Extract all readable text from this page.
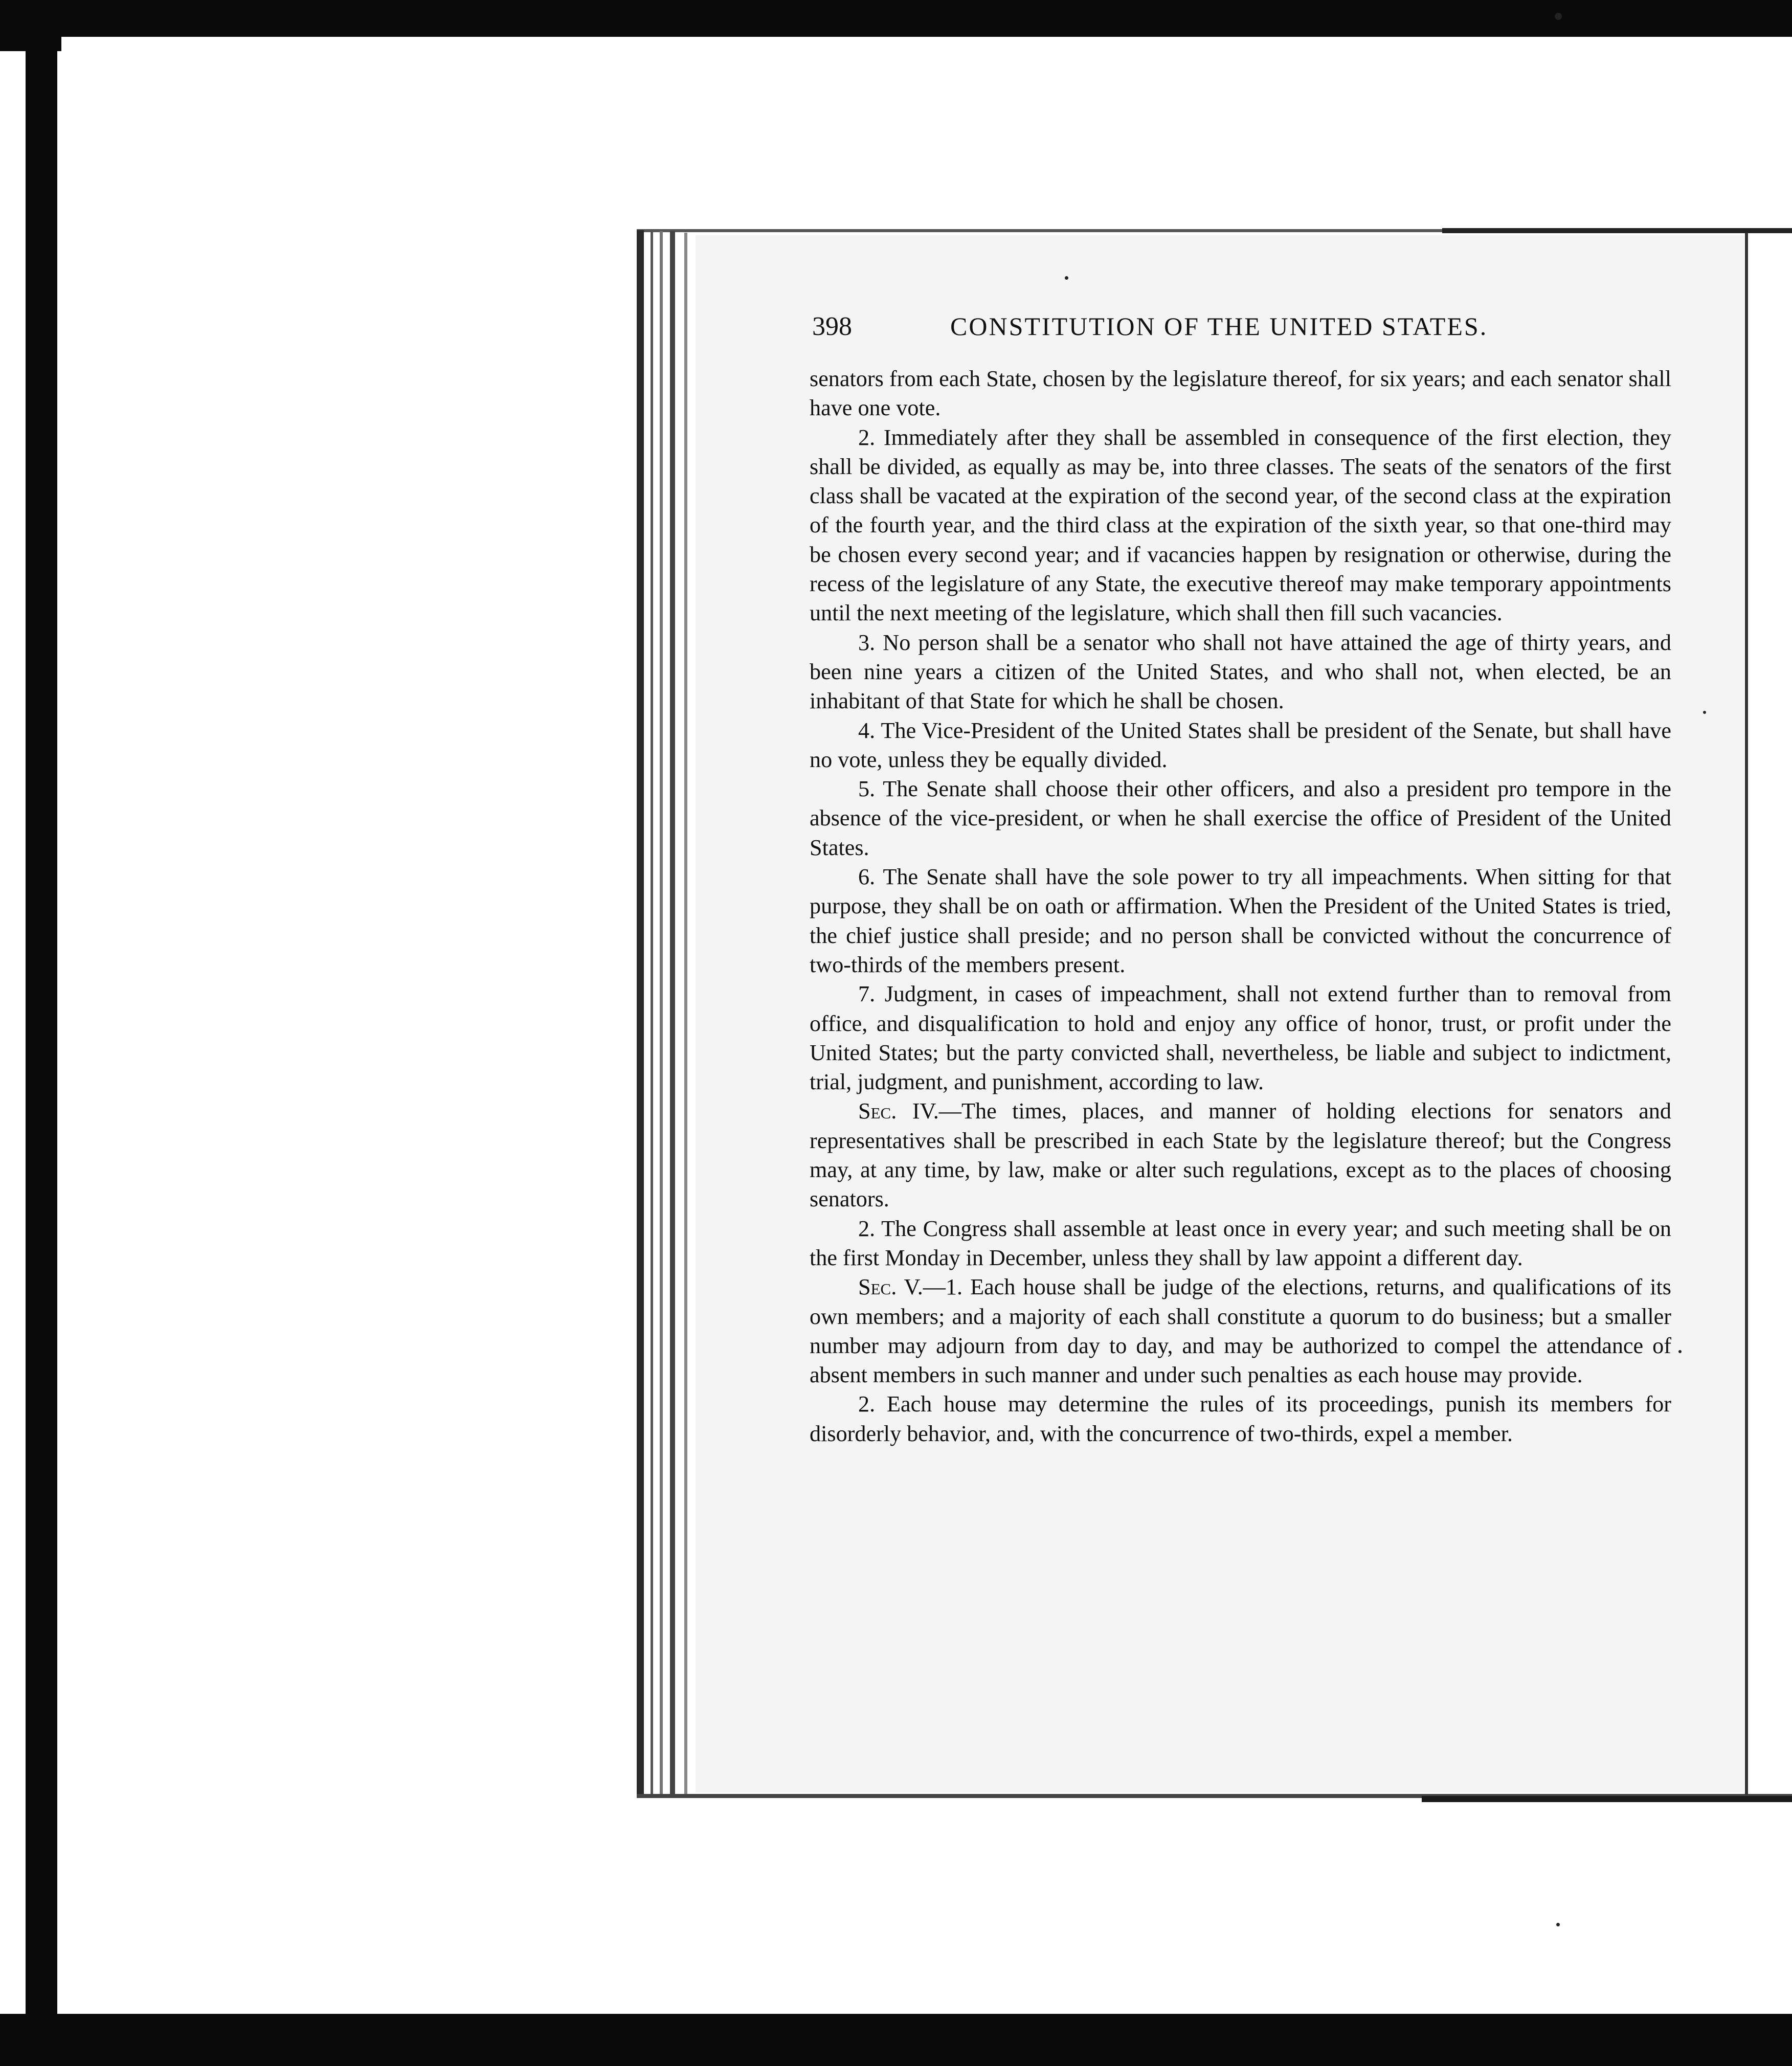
398	CONSTITUTION OF THE UNITED STATES.

senators from each State, chosen by the legislature thereof, for six years; and each senator shall have one vote.

2. Immediately after they shall be assembled in consequence of the first election, they shall be divided, as equally as may be, into three classes. The seats of the senators of the first class shall be vacated at the expiration of the second year, of the second class at the expiration of the fourth year, and the third class at the expiration of the sixth year, so that one-third may be chosen every second year; and if vacancies happen by resignation or otherwise, during the recess of the legislature of any State, the executive thereof may make temporary appointments until the next meeting of the legislature, which shall then fill such vacancies.

3. No person shall be a senator who shall not have attained the age of thirty years, and been nine years a citizen of the United States, and who shall not, when elected, be an inhabitant of that State for which he shall be chosen.

4. The Vice-President of the United States shall be president of the Senate, but shall have no vote, unless they be equally divided.

5. The Senate shall choose their other officers, and also a president pro tempore in the absence of the vice-president, or when he shall exercise the office of President of the United States.

6. The Senate shall have the sole power to try all impeachments. When sitting for that purpose, they shall be on oath or affirmation. When the President of the United States is tried, the chief justice shall preside; and no person shall be convicted without the concurrence of two-thirds of the members present.

7. Judgment, in cases of impeachment, shall not extend further than to removal from office, and disqualification to hold and enjoy any office of honor, trust, or profit under the United States; but the party convicted shall, nevertheless, be liable and subject to indictment, trial, judgment, and punishment, according to law.

Sec. IV.—The times, places, and manner of holding elections for senators and representatives shall be prescribed in each State by the legislature thereof; but the Congress may, at any time, by law, make or alter such regulations, except as to the places of choosing senators.

2. The Congress shall assemble at least once in every year; and such meeting shall be on the first Monday in December, unless they shall by law appoint a different day.

Sec. V.—1. Each house shall be judge of the elections, returns, and qualifications of its own members; and a majority of each shall constitute a quorum to do business; but a smaller number may adjourn from day to day, and may be authorized to compel the attendance of absent members in such manner and under such penalties as each house may provide.

2. Each house may determine the rules of its proceedings, punish its members for disorderly behavior, and, with the concurrence of two-thirds, expel a member.
